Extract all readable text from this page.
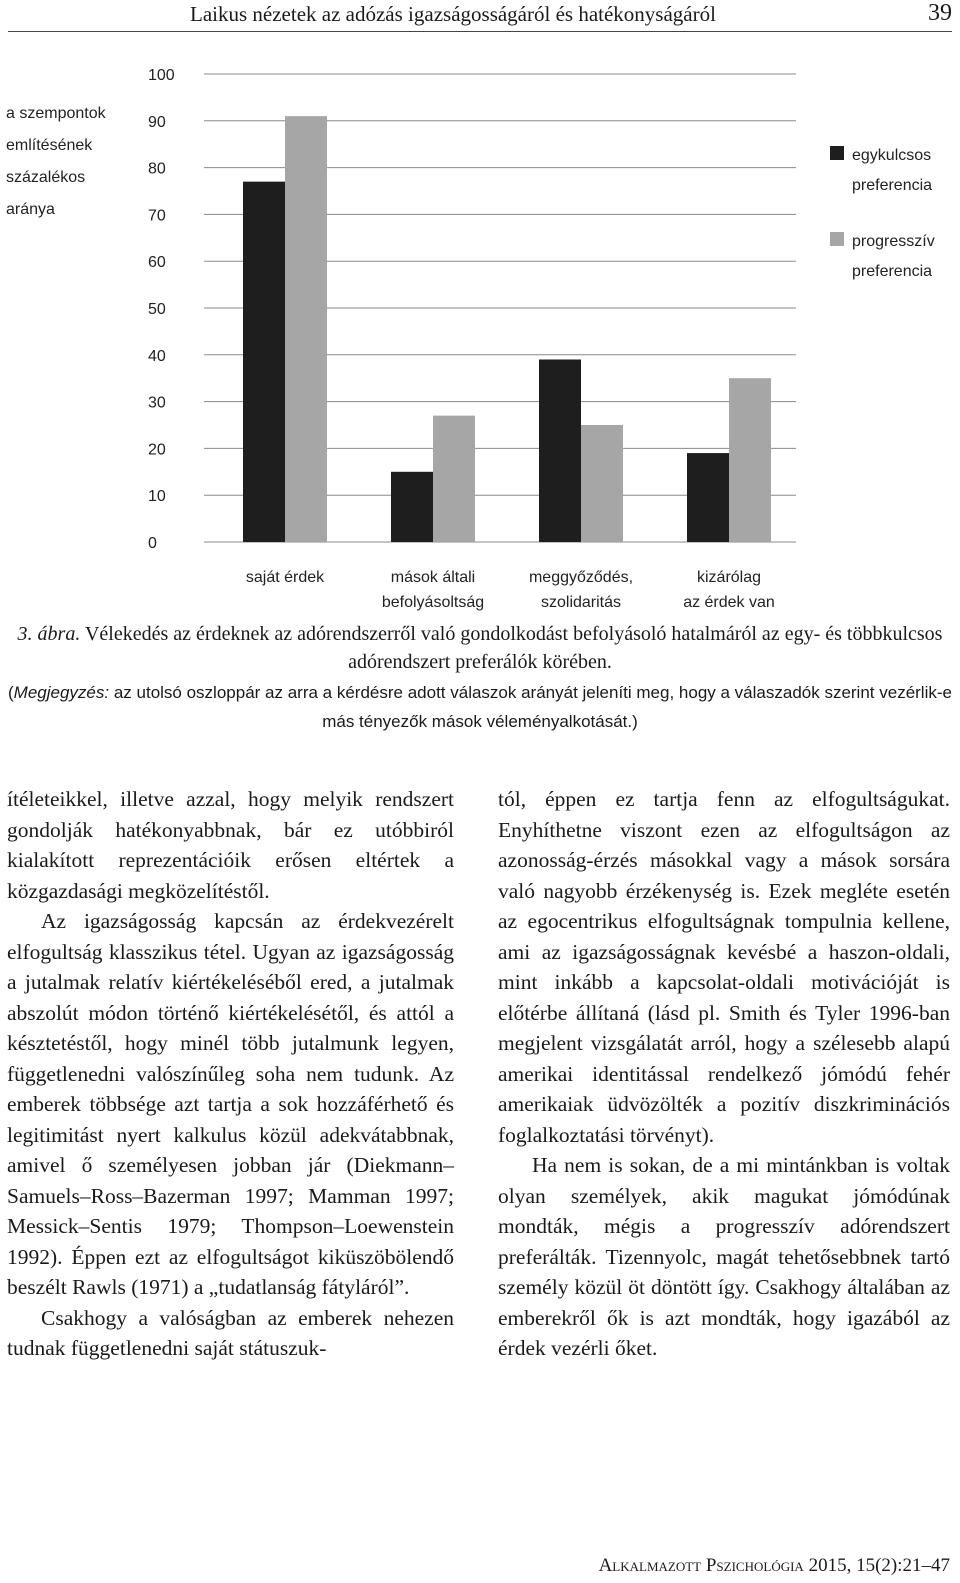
Laikus nézetek az adózás igazságosságáról és hatékonyságáról	39
0
10
20
30
40
50
60
70
80
90
100
saját érdek	mások általi
befolyásoltság
meggyőződés,
szolidaritás
kizárólag
az érdek van
a szempontok
említésének
százalékos
aránya
egykulcsos
preferencia
progresszív
preferencia
3. ábra. Vélekedés az érdeknek az adórendszerről való gondolkodást befolyásoló hatalmáról az egy- és többkulcsos adórendszert preferálók körében.
(Megjegyzés: az utolsó oszloppár az arra a kérdésre adott válaszok arányát jeleníti meg, hogy a válaszadók szerint vezérlik-e más tényezők mások véleményalkotását.)

ítéleteikkel, illetve azzal, hogy melyik rendszert gondolják hatékonyabbnak, bár ez utóbbiról kialakított reprezentációik erősen eltértek a közgazdasági megközelítéstől.

Az igazságosság kapcsán az érdekvezérelt elfogultság klasszikus tétel. Ugyan az igazságosság a jutalmak relatív kiértékeléséből ered, a jutalmak abszolút módon történő kiértékelésétől, és attól a késztetéstől, hogy minél több jutalmunk legyen, függetlenedni valószínűleg soha nem tudunk. Az emberek többsége azt tartja a sok hozzáférhető és legitimitást nyert kalkulus közül adekvátabbnak, amivel ő személyesen jobban jár (Diekmann–Samuels–Ross–Bazerman 1997; Mamman 1997; Messick–Sentis 1979; Thompson–Loewenstein 1992). Éppen ezt az elfogultságot kiküszöbölendő beszélt Rawls (1971) a „tudatlanság fátyláról”.

Csakhogy a valóságban az emberek nehezen tudnak függetlenedni saját státuszuk-

tól, éppen ez tartja fenn az elfogultságukat. Enyhíthetne viszont ezen az elfogultságon az azonosság-érzés másokkal vagy a mások sorsára való nagyobb érzékenység is. Ezek megléte esetén az egocentrikus elfogultságnak tompulnia kellene, ami az igazságosságnak kevésbé a haszon-oldali, mint inkább a kapcsolat-oldali motivációját is előtérbe állítaná (lásd pl. Smith és Tyler 1996-ban megjelent vizsgálatát arról, hogy a szélesebb alapú amerikai identitással rendelkező jómódú fehér amerikaiak üdvözölték a pozitív diszkriminációs foglalkoztatási törvényt).

Ha nem is sokan, de a mi mintánkban is voltak olyan személyek, akik magukat jómódúnak mondták, mégis a progresszív adórendszert preferálták. Tizennyolc, magát tehetősebbnek tartó személy közül öt döntött így. Csakhogy általában az emberekről ők is azt mondták, hogy igazából az érdek vezérli őket.

Alkalmazott Pszichológia 2015, 15(2):21–47
